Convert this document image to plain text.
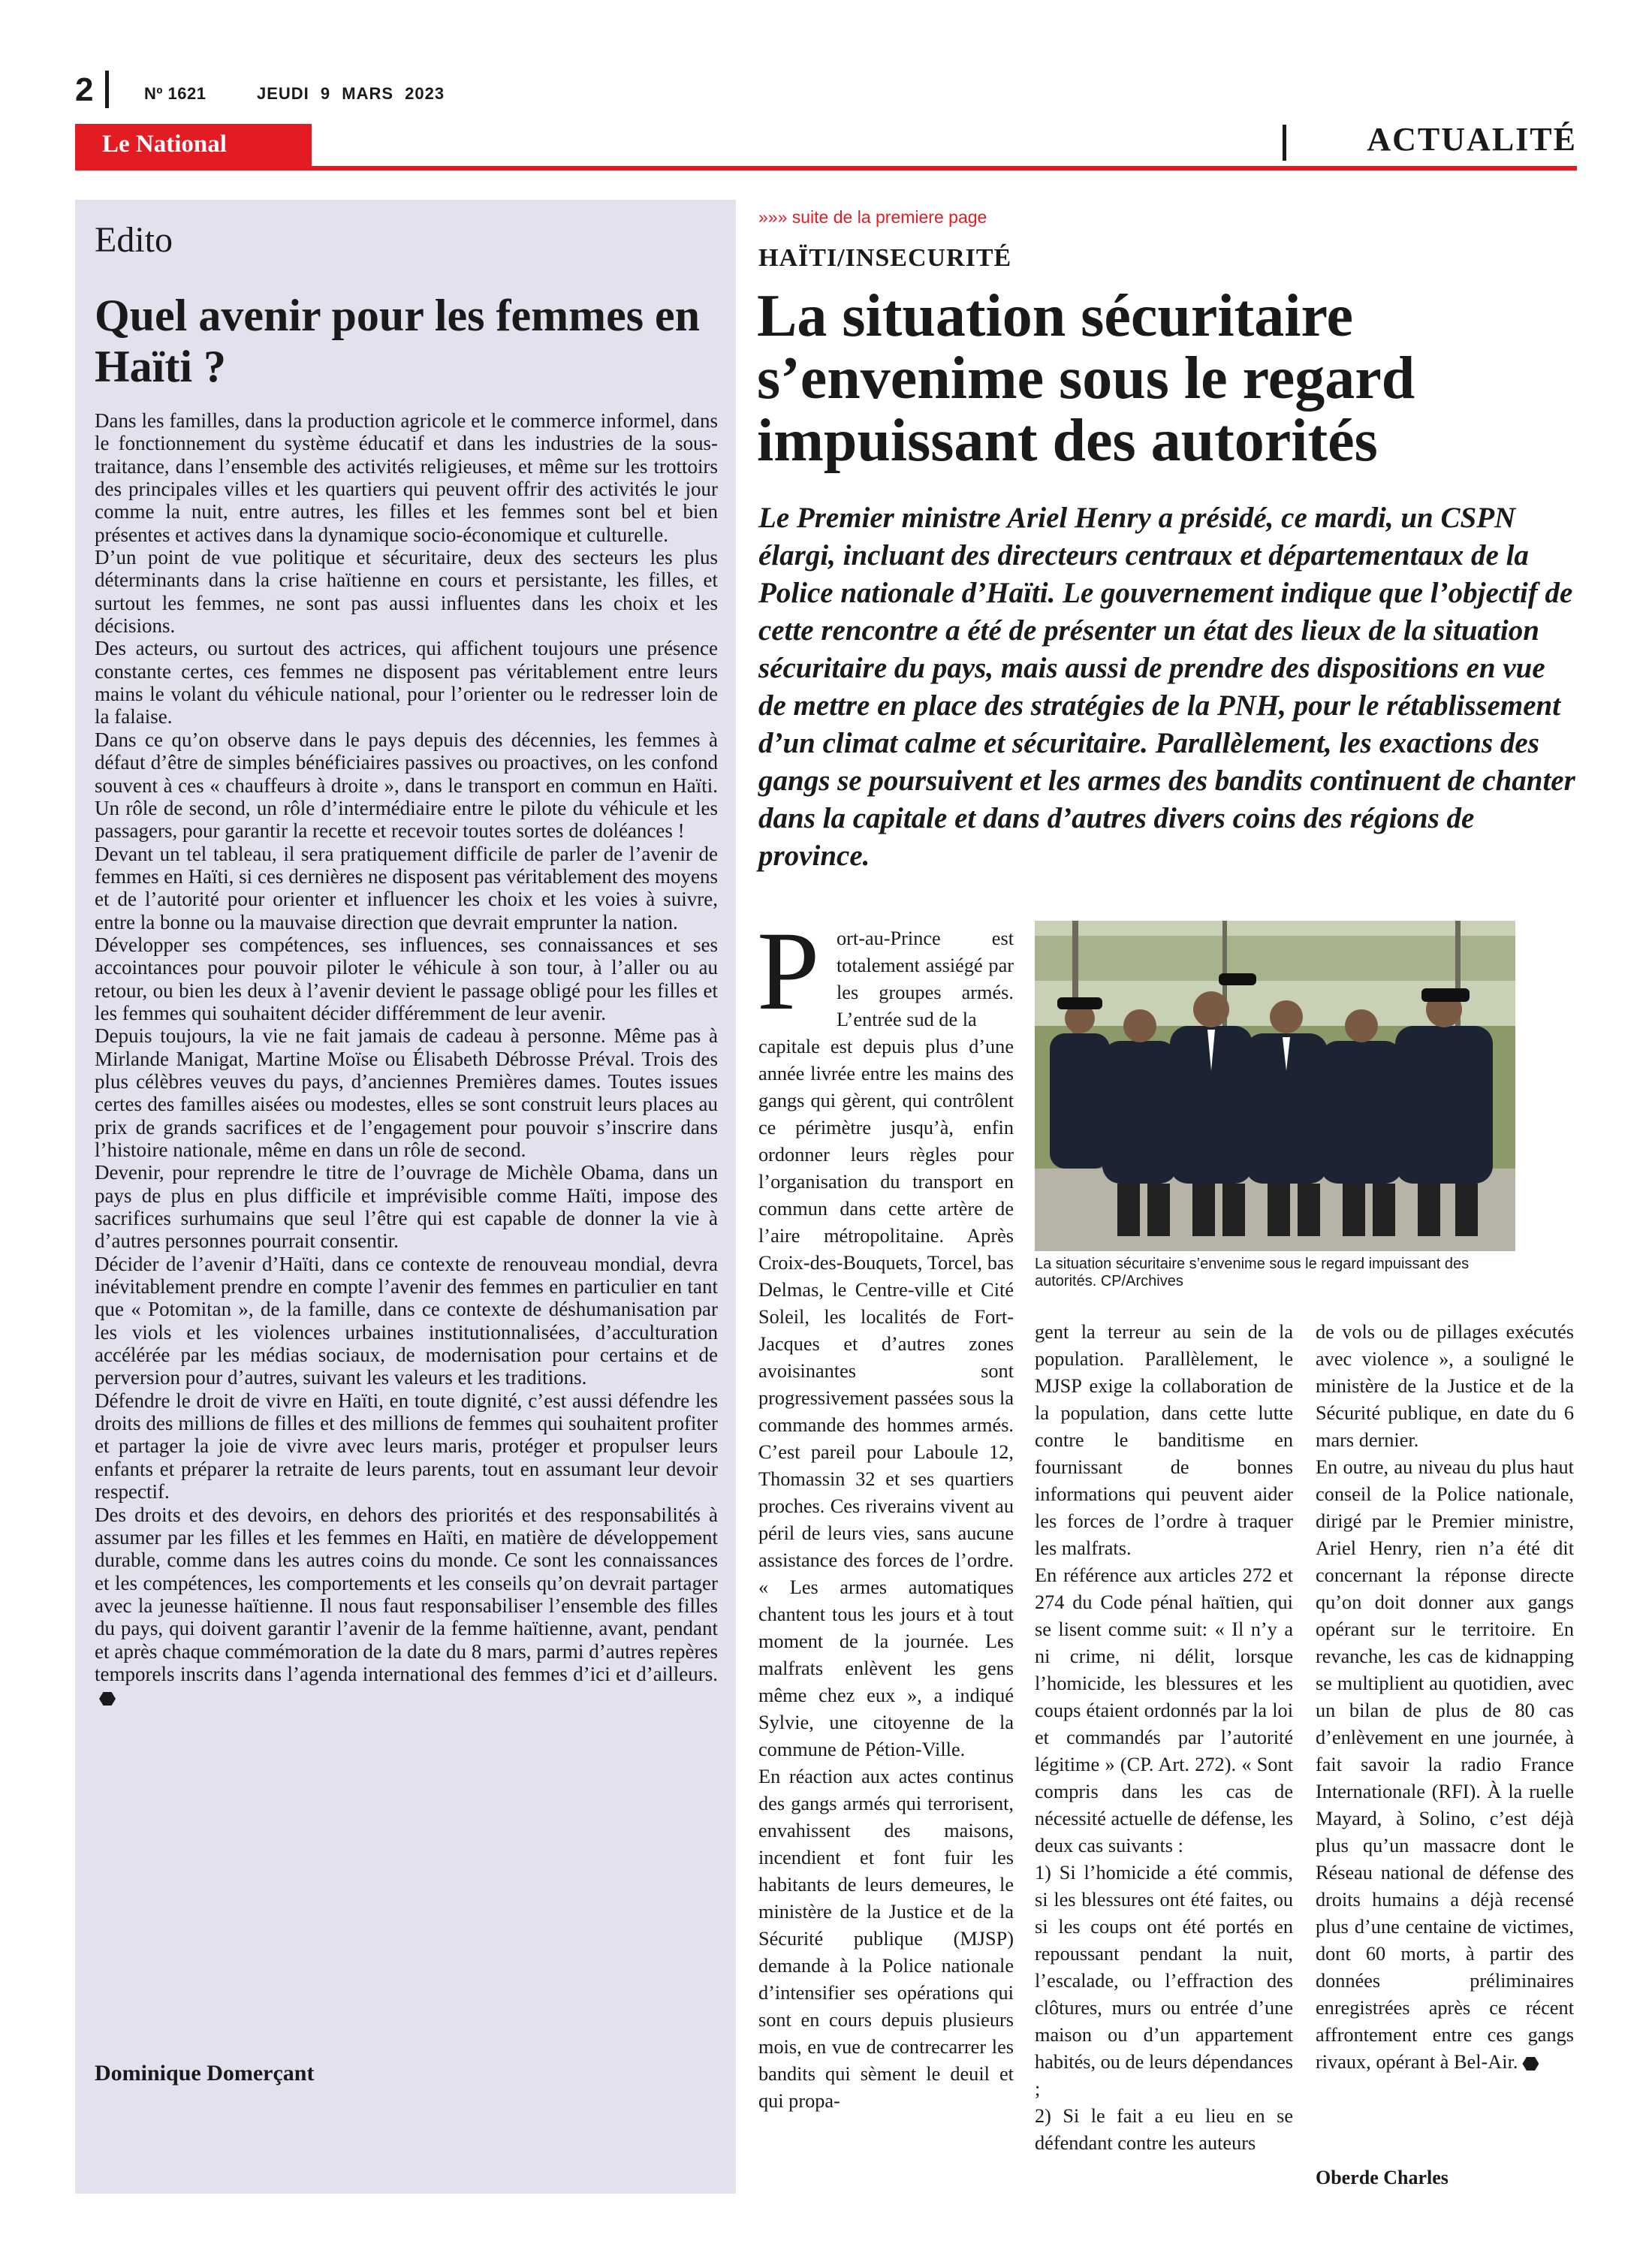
2	Nº 1621	JEUDI 9 MARS 2023
Le National	ACTUALITÉ
Edito
Quel avenir pour les femmes en Haïti ?

Dans les familles, dans la production agricole et le commerce informel, dans le fonctionnement du système éducatif et dans les industries de la sous-traitance, dans l’ensemble des activités religieuses, et même sur les trottoirs des principales villes et les quartiers qui peuvent offrir des activités le jour comme la nuit, entre autres, les filles et les femmes sont bel et bien présentes et actives dans la dynamique socio-économique et culturelle.

D’un point de vue politique et sécuritaire, deux des secteurs les plus déterminants dans la crise haïtienne en cours et persistante, les filles, et surtout les femmes, ne sont pas aussi influentes dans les choix et les décisions.

Des acteurs, ou surtout des actrices, qui affichent toujours une présence constante certes, ces femmes ne disposent pas véritablement entre leurs mains le volant du véhicule national, pour l’orienter ou le redresser loin de la falaise.

Dans ce qu’on observe dans le pays depuis des décennies, les femmes à défaut d’être de simples bénéficiaires passives ou proactives, on les confond souvent à ces « chauffeurs à droite », dans le transport en commun en Haïti. Un rôle de second, un rôle d’intermédiaire entre le pilote du véhicule et les passagers, pour garantir la recette et recevoir toutes sortes de doléances !

Devant un tel tableau, il sera pratiquement difficile de parler de l’avenir de femmes en Haïti, si ces dernières ne disposent pas véritablement des moyens et de l’autorité pour orienter et influencer les choix et les voies à suivre, entre la bonne ou la mauvaise direction que devrait emprunter la nation.

Développer ses compétences, ses influences, ses connaissances et ses accointances pour pouvoir piloter le véhicule à son tour, à l’aller ou au retour, ou bien les deux à l’avenir devient le passage obligé pour les filles et les femmes qui souhaitent décider différemment de leur avenir.

Depuis toujours, la vie ne fait jamais de cadeau à personne. Même pas à Mirlande Manigat, Martine Moïse ou Élisabeth Débrosse Préval. Trois des plus célèbres veuves du pays, d’anciennes Premières dames. Toutes issues certes des familles aisées ou modestes, elles se sont construit leurs places au prix de grands sacrifices et de l’engagement pour pouvoir s’inscrire dans l’histoire nationale, même en dans un rôle de second.

Devenir, pour reprendre le titre de l’ouvrage de Michèle Obama, dans un pays de plus en plus difficile et imprévisible comme Haïti, impose des sacrifices surhumains que seul l’être qui est capable de donner la vie à d’autres personnes pourrait consentir.

Décider de l’avenir d’Haïti, dans ce contexte de renouveau mondial, devra inévitablement prendre en compte l’avenir des femmes en particulier en tant que « Potomitan », de la famille, dans ce contexte de déshumanisation par les viols et les violences urbaines institutionnalisées, d’acculturation accélérée par les médias sociaux, de modernisation pour certains et de perversion pour d’autres, suivant les valeurs et les traditions.

Défendre le droit de vivre en Haïti, en toute dignité, c’est aussi défendre les droits des millions de filles et des millions de femmes qui souhaitent profiter et partager la joie de vivre avec leurs maris, protéger et propulser leurs enfants et préparer la retraite de leurs parents, tout en assumant leur devoir respectif.

Des droits et des devoirs, en dehors des priorités et des responsabilités à assumer par les filles et les femmes en Haïti, en matière de développement durable, comme dans les autres coins du monde. Ce sont les connaissances et les compétences, les comportements et les conseils qu’on devrait partager avec la jeunesse haïtienne. Il nous faut responsabiliser l’ensemble des filles du pays, qui doivent garantir l’avenir de la femme haïtienne, avant, pendant et après chaque commémoration de la date du 8 mars, parmi d’autres repères temporels inscrits dans l’agenda international des femmes d’ici et d’ailleurs.

Dominique Domerçant
»»» suite de la premiere page
HAÏTI/INSECURITÉ
La situation sécuritaire s’envenime sous le regard impuissant des autorités
Le Premier ministre Ariel Henry a présidé, ce mardi, un CSPN élargi, incluant des directeurs centraux et départementaux de la Police nationale d’Haïti. Le gouvernement indique que l’objectif de cette rencontre a été de présenter un état des lieux de la situation sécuritaire du pays, mais aussi de prendre des dispositions en vue de mettre en place des stratégies de la PNH, pour le rétablissement d’un climat calme et sécuritaire. Parallèlement, les exactions des gangs se poursuivent et les armes des bandits continuent de chanter dans la capitale et dans d’autres divers coins des régions de province.
P ort-au-Prince est totalement assiégé par les groupes armés. L’entrée sud de la

capitale est depuis plus d’une année livrée entre les mains des gangs qui gèrent, qui contrôlent ce périmètre jusqu’à, enfin ordonner leurs règles pour l’organisation du transport en commun dans cette artère de l’aire métropolitaine. Après Croix-des-Bouquets, Torcel, bas Delmas, le Centre-ville et Cité Soleil, les localités de Fort-Jacques et d’autres zones avoisinantes sont progressivement passées sous la commande des hommes armés. C’est pareil pour Laboule 12, Thomassin 32 et ses quartiers proches. Ces riverains vivent au péril de leurs vies, sans aucune assistance des forces de l’ordre. « Les armes automatiques chantent tous les jours et à tout moment de la journée. Les malfrats enlèvent les gens même chez eux », a indiqué Sylvie, une citoyenne de la commune de Pétion-Ville.

En réaction aux actes continus des gangs armés qui terrorisent, envahissent des maisons, incendient et font fuir les habitants de leurs demeures, le ministère de la Justice et de la Sécurité publique (MJSP) demande à la Police nationale d’intensifier ses opérations qui sont en cours depuis plusieurs mois, en vue de contrecarrer les bandits qui sèment le deuil et qui propa-

La situation sécuritaire s’envenime sous le regard impuissant des autorités. CP/Archives

gent la terreur au sein de la population. Parallèlement, le MJSP exige la collaboration de la population, dans cette lutte contre le banditisme en fournissant de bonnes informations qui peuvent aider les forces de l’ordre à traquer les malfrats.

En référence aux articles 272 et 274 du Code pénal haïtien, qui se lisent comme suit: « Il n’y a ni crime, ni délit, lorsque l’homicide, les blessures et les coups étaient ordonnés par la loi et commandés par l’autorité légitime » (CP. Art. 272). « Sont compris dans les cas de nécessité actuelle de défense, les deux cas suivants :

1) Si l’homicide a été commis, si les blessures ont été faites, ou si les coups ont été portés en repoussant pendant la nuit, l’escalade, ou l’effraction des clôtures, murs ou entrée d’une maison ou d’un appartement habités, ou de leurs dépendances ;

2) Si le fait a eu lieu en se défendant contre les auteurs

de vols ou de pillages exécutés avec violence », a souligné le ministère de la Justice et de la Sécurité publique, en date du 6 mars dernier.

En outre, au niveau du plus haut conseil de la Police nationale, dirigé par le Premier ministre, Ariel Henry, rien n’a été dit concernant la réponse directe qu’on doit donner aux gangs opérant sur le territoire. En revanche, les cas de kidnapping se multiplient au quotidien, avec un bilan de plus de 80 cas d’enlèvement en une journée, à fait savoir la radio France Internationale (RFI). À la ruelle Mayard, à Solino, c’est déjà plus qu’un massacre dont le Réseau national de défense des droits humains a déjà recensé plus d’une centaine de victimes, dont 60 morts, à partir des données préliminaires enregistrées après ce récent affrontement entre ces gangs rivaux, opérant à Bel-Air.

Oberde Charles
